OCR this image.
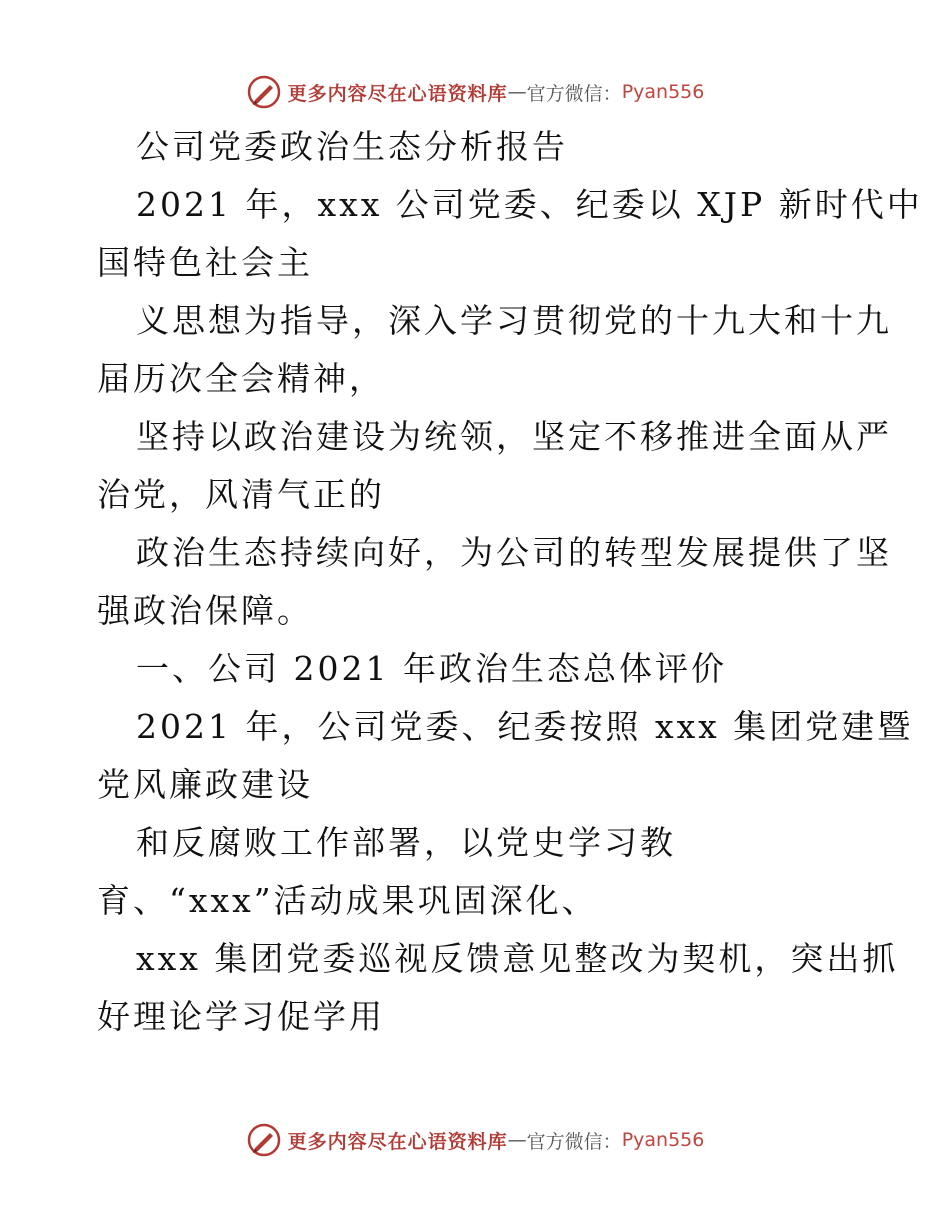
更多内容尽在心语资料库 — 官方微信： Pyan556
公司党委政治生态分析报告
2021 年，xxx 公司党委、纪委以 XJP 新时代中
国特色社会主
义思想为指导，深入学习贯彻党的十九大和十九
届历次全会精神，
坚持以政治建设为统领，坚定不移推进全面从严
治党，风清气正的
政治生态持续向好，为公司的转型发展提供了坚
强政治保障。
一、公司 2021 年政治生态总体评价
2021 年，公司党委、纪委按照 xxx 集团党建暨
党风廉政建设
和反腐败工作部署，以党史学习教
育、“xxx”活动成果巩固深化、
xxx 集团党委巡视反馈意见整改为契机，突出抓
好理论学习促学用
更多内容尽在心语资料库 — 官方微信： Pyan556
